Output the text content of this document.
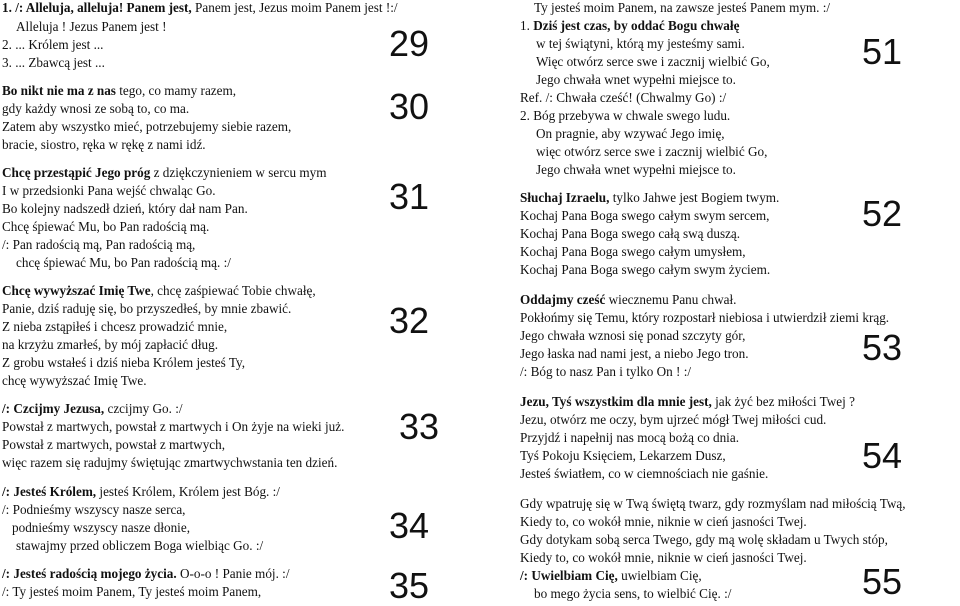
1. /: Alleluja, alleluja! Panem jest, Panem jest, Jezus moim Panem jest !:/
Alleluja ! Jezus Panem jest !
2. ... Królem jest ...
3. ... Zbawcą jest ...
Bo nikt nie ma z nas tego, co mamy razem,
gdy każdy wnosi ze sobą to, co ma.
Zatem aby wszystko mieć, potrzebujemy siebie razem,
bracie, siostro, ręka w rękę z nami idź.
Chcę przestąpić Jego próg z dziękczynieniem w sercu mym
I w przedsionki Pana wejść chwaląc Go.
Bo kolejny nadszedł dzień, który dał nam Pan.
Chcę śpiewać Mu, bo Pan radością mą.
/: Pan radością mą, Pan radością mą,
chcę śpiewać Mu, bo Pan radością mą. :/
Chcę wywyższać Imię Twe, chcę zaśpiewać Tobie chwałę,
Panie, dziś raduję się, bo przyszedłeś, by mnie zbawić.
Z nieba zstąpiłeś i chcesz prowadzić mnie,
na krzyżu zmarłeś, by mój zapłacić dług.
Z grobu wstałeś i dziś nieba Królem jesteś Ty,
chcę wywyższać Imię Twe.
/: Czcijmy Jezusa, czcijmy Go. :/
Powstał z martwych, powstał z martwych i On żyje na wieki już.
Powstał z martwych, powstał z martwych,
więc razem się radujmy świętując zmartwychwstania ten dzień.
/: Jesteś Królem, jesteś Królem, Królem jest Bóg. :/
/: Podnieśmy wszyscy nasze serca,
podnieśmy wszyscy nasze dłonie,
stawajmy przed obliczem Boga wielbiąc Go. :/
/: Jesteś radością mojego życia. O-o-o ! Panie mój. :/
/: Ty jesteś moim Panem, Ty jesteś moim Panem,
Ty jesteś moim Panem, na zawsze jesteś Panem mym. :/
1. Dziś jest czas, by oddać Bogu chwałę
w tej świątyni, którą my jesteśmy sami.
Więc otwórz serce swe i zacznij wielbić Go,
Jego chwała wnet wypełni miejsce to.
Ref. /: Chwała cześć! (Chwalmy Go) :/
2. Bóg przebywa w chwale swego ludu.
On pragnie, aby wzywać Jego imię,
więc otwórz serce swe i zacznij wielbić Go,
Jego chwała wnet wypełni miejsce to.
Słuchaj Izraelu, tylko Jahwe jest Bogiem twym.
Kochaj Pana Boga swego całym swym sercem,
Kochaj Pana Boga swego całą swą duszą.
Kochaj Pana Boga swego całym umysłem,
Kochaj Pana Boga swego całym swym życiem.
Oddajmy cześć wiecznemu Panu chwał.
Pokłońmy się Temu, który rozpostarł niebiosa i utwierdził ziemi krąg.
Jego chwała wznosi się ponad szczyty gór,
Jego łaska nad nami jest, a niebo Jego tron.
/: Bóg to nasz Pan i tylko On ! :/
Jezu, Tyś wszystkim dla mnie jest, jak żyć bez miłości Twej ?
Jezu, otwórz me oczy, bym ujrzeć mógł Twej miłości cud.
Przyjdź i napełnij nas mocą bożą co dnia.
Tyś Pokoju Księciem, Lekarzem Dusz,
Jesteś światłem, co w ciemnościach nie gaśnie.
Gdy wpatruję się w Twą świętą twarz, gdy rozmyślam nad miłością Twą,
Kiedy to, co wokół mnie, niknie w cień jasności Twej.
Gdy dotykam sobą serca Twego, gdy mą wolę składam u Twych stóp,
Kiedy to, co wokół mnie, niknie w cień jasności Twej.
/: Uwielbiam Cię, uwielbiam Cię,
bo mego życia sens, to wielbić Cię. :/
29
30
31
32
33
34
35
51
52
53
54
55
